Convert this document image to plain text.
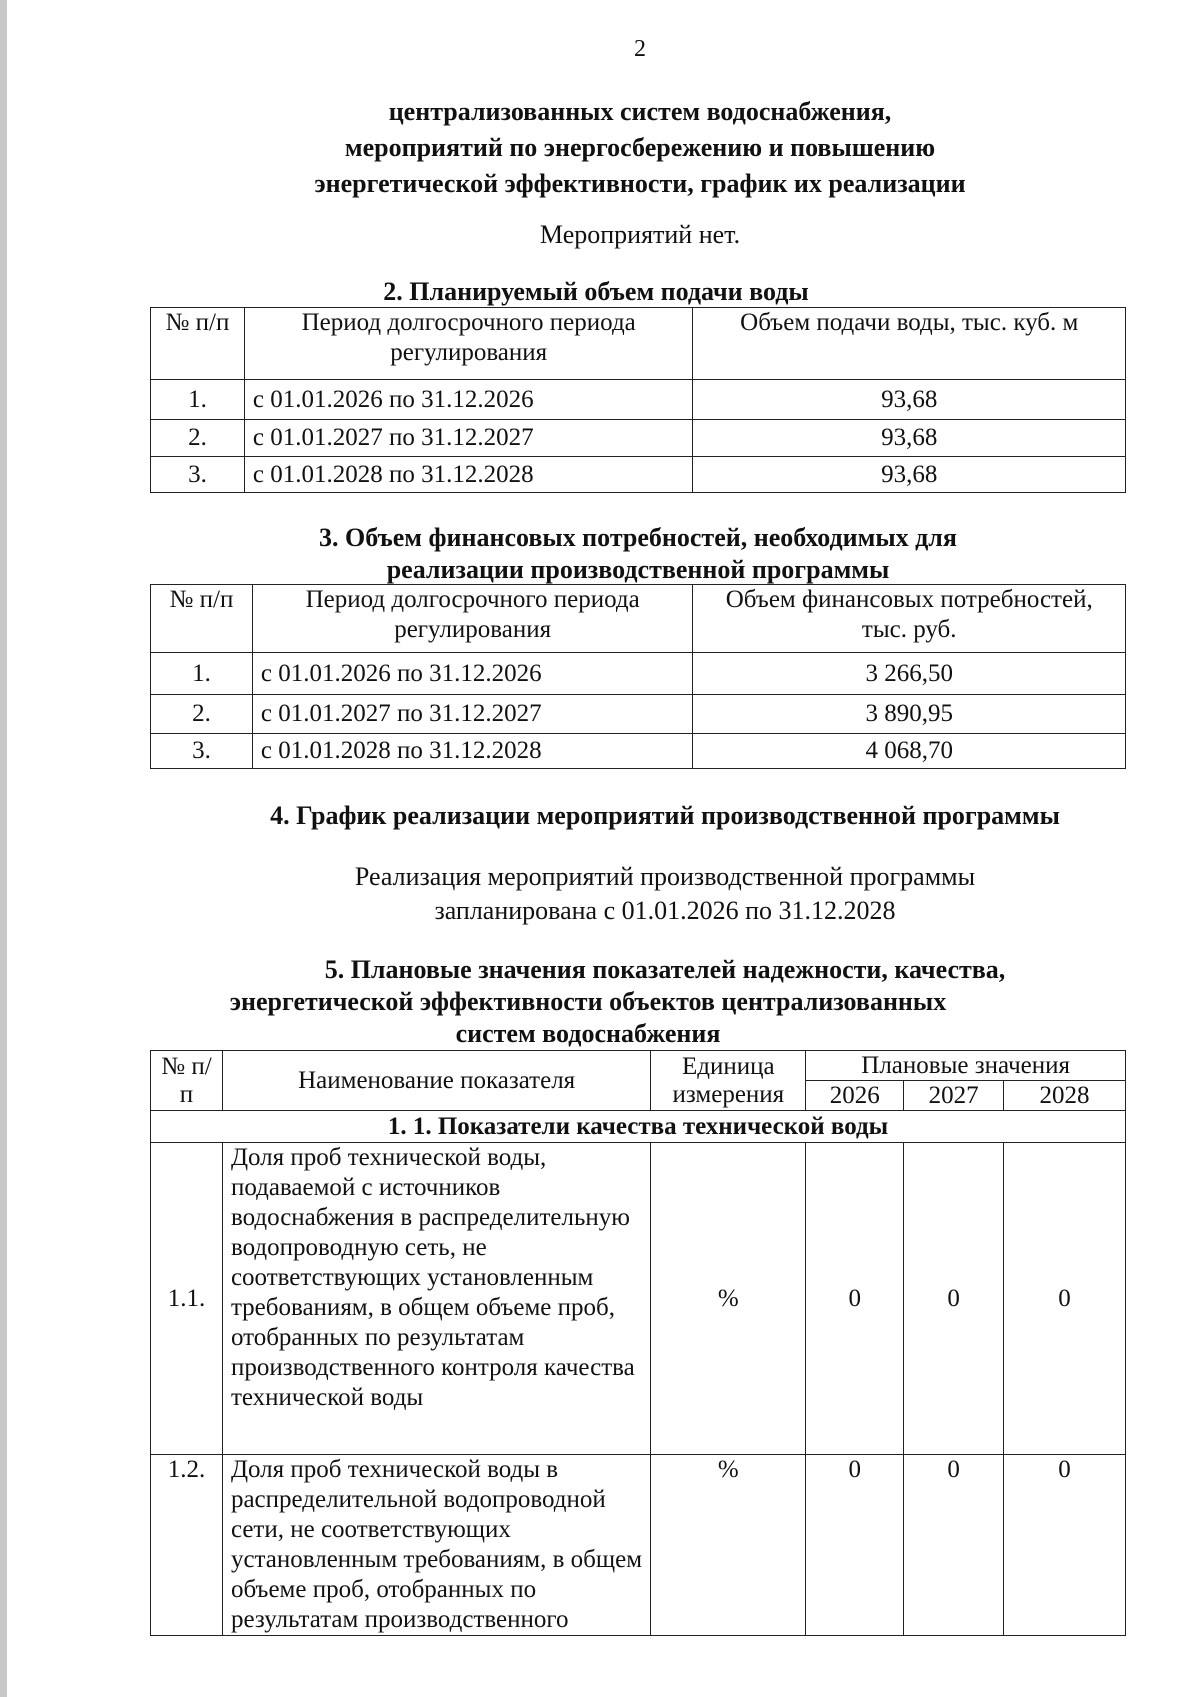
2
централизованных систем водоснабжения,
мероприятий по энергосбережению и повышению
энергетической эффективности, график их реализации
Мероприятий нет.
2. Планируемый объем подачи воды
№ п/п	Период долгосрочного периода регулирования	Объем подачи воды, тыс. куб. м
1.	с 01.01.2026 по 31.12.2026	93,68
2.	с 01.01.2027 по 31.12.2027	93,68
3.	с 01.01.2028 по 31.12.2028	93,68
3. Объем финансовых потребностей, необходимых для
реализации производственной программы
№ п/п	Период долгосрочного периода регулирования	Объем финансовых потребностей, тыс. руб.
1.	с 01.01.2026 по 31.12.2026	3 266,50
2.	с 01.01.2027 по 31.12.2027	3 890,95
3.	с 01.01.2028 по 31.12.2028	4 068,70
4. График реализации мероприятий производственной программы
Реализация мероприятий производственной программы
запланирована с 01.01.2026 по 31.12.2028
5. Плановые значения показателей надежности, качества,
энергетической эффективности объектов централизованных
систем водоснабжения
№ п/п	Наименование показателя	Единица измерения	Плановые значения		
			2026	2027	2028
1. 1. Показатели качества технической воды					
1.1.	Доля проб технической воды, подаваемой с источников водоснабжения в распределительную водопроводную сеть, не соответствующих установленным требованиям, в общем объеме проб, отобранных по результатам производственного контроля качества технической воды	%	0	0	0
1.2.	Доля проб технической воды в распределительной водопроводной сети, не соответствующих установленным требованиям, в общем объеме проб, отобранных по результатам производственного	%	0	0	0
